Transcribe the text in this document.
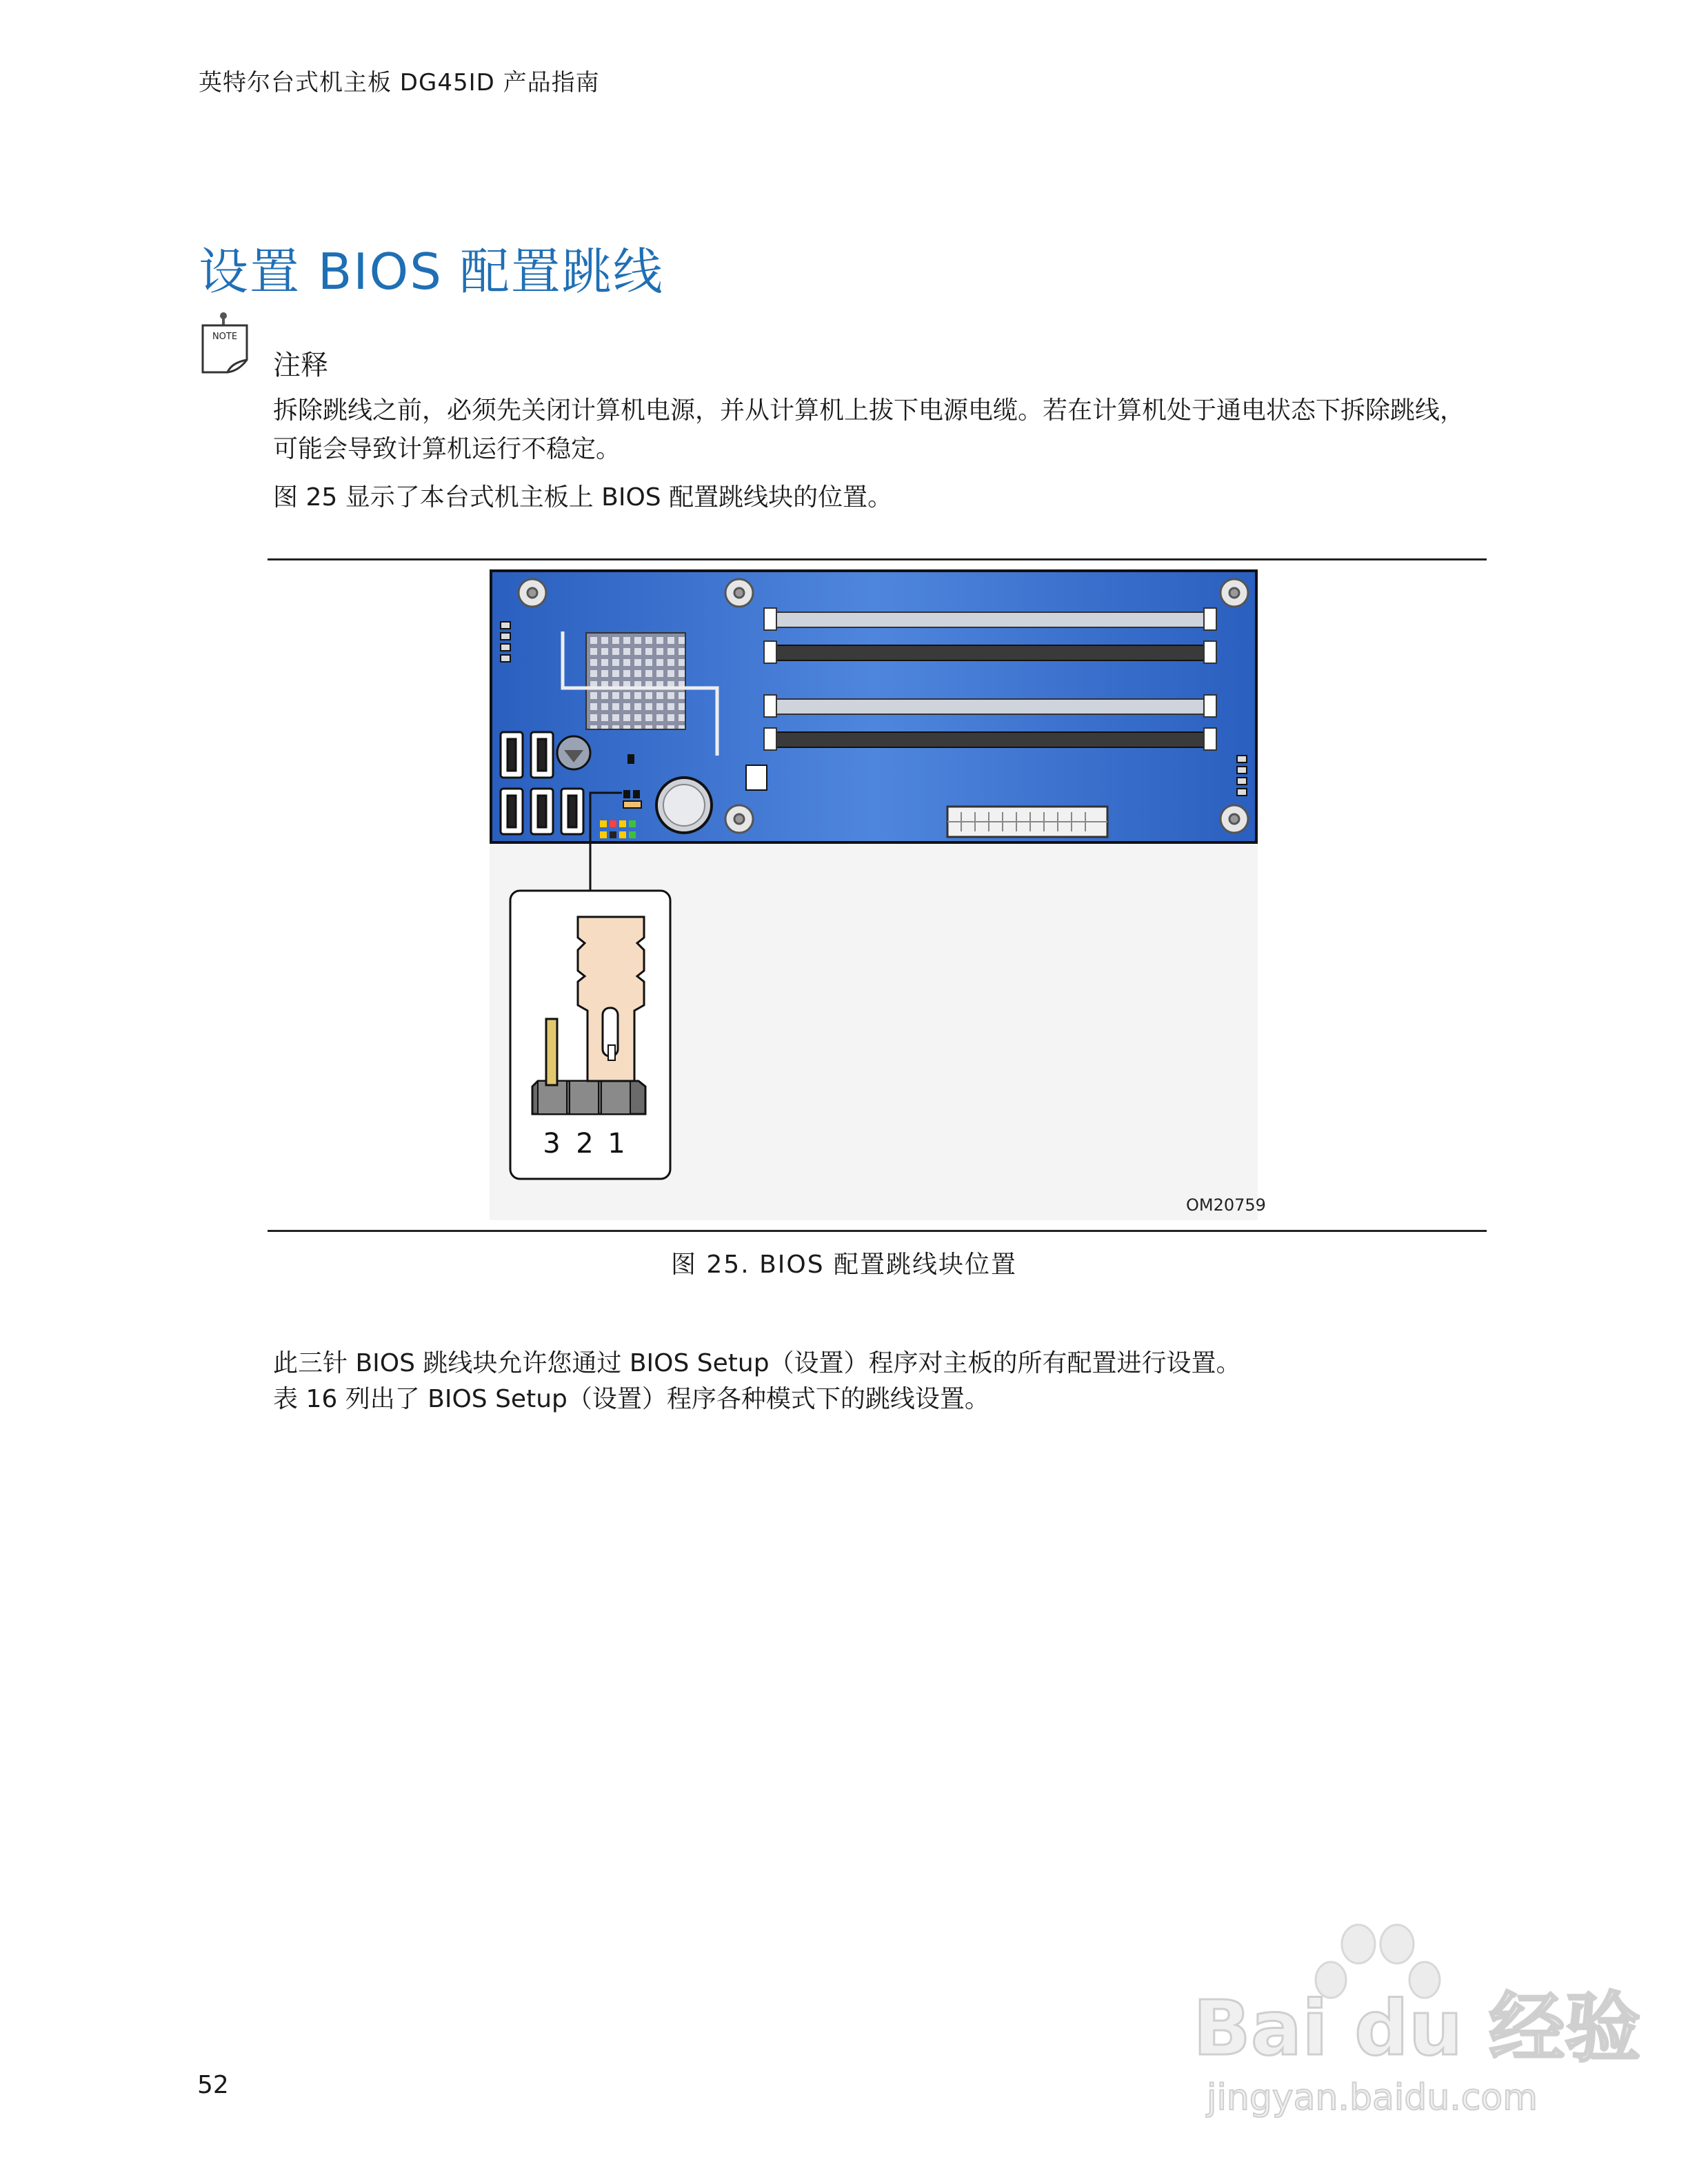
英特尔台式机主板 DG45ID 产品指南
设置 BIOS 配置跳线
NOTE
注释
拆除跳线之前，必须先关闭计算机电源，并从计算机上拔下电源电缆。若在计算机处于通电状态下拆除跳线，可能会导致计算机运行不稳定。
图 25 显示了本台式机主板上 BIOS 配置跳线块的位置。
3 2 1
OM20759
图 25. BIOS 配置跳线块位置
此三针 BIOS 跳线块允许您通过 BIOS Setup（设置）程序对主板的所有配置进行设置。
表 16 列出了 BIOS Setup（设置）程序各种模式下的跳线设置。
Bai du 经验
jingyan.baidu.com
52
